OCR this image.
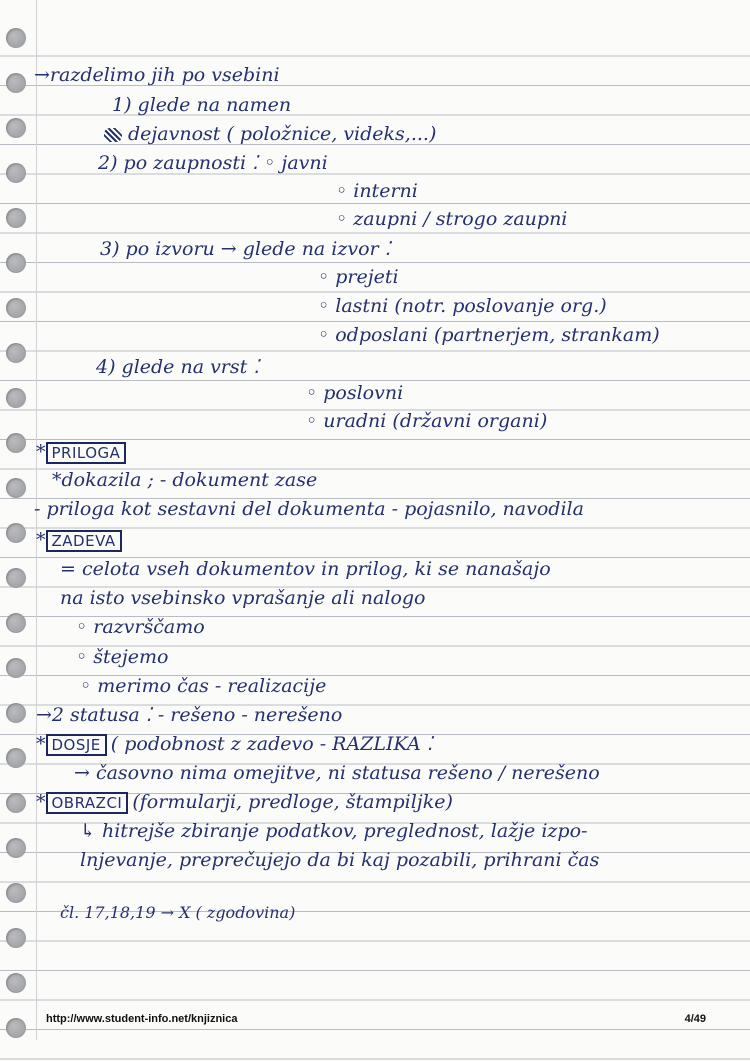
→razdelimo jih po vsebini
1) glede na namen
dejavnost ( položnice, videks,...)
2) po zaupnosti ⁚ ◦ javni
◦ interni
◦ zaupni / strogo zaupni
3) po izvoru → glede na izvor ⁚
◦ prejeti
◦ lastni (notr. poslovanje org.)
◦ odposlani (partnerjem, strankam)
4) glede na vrst ⁚
◦ poslovni
◦ uradni (državni organi)
* PRILOGA
*dokazila ; - dokument zase
- priloga kot sestavni del dokumenta - pojasnilo, navodila
* ZADEVA
= celota vseh dokumentov in prilog, ki se nanašajo
na isto vsebinsko vprašanje ali nalogo
◦ razvrščamo
◦ štejemo
◦ merimo čas - realizacije
→2 statusa ⁚ - rešeno - nerešeno
* DOSJE ( podobnost z zadevo - RAZLIKA ⁚
→ časovno nima omejitve, ni statusa rešeno / nerešeno
* OBRAZCI (formularji, predloge, štampiljke)
↳ hitrejše zbiranje podatkov, preglednost, lažje izpo-
lnjevanje, preprečujejo da bi kaj pozabili, prihrani čas
čl. 17,18,19 → X ( zgodovina)
http://www.student-info.net/knjiznica	4/49
